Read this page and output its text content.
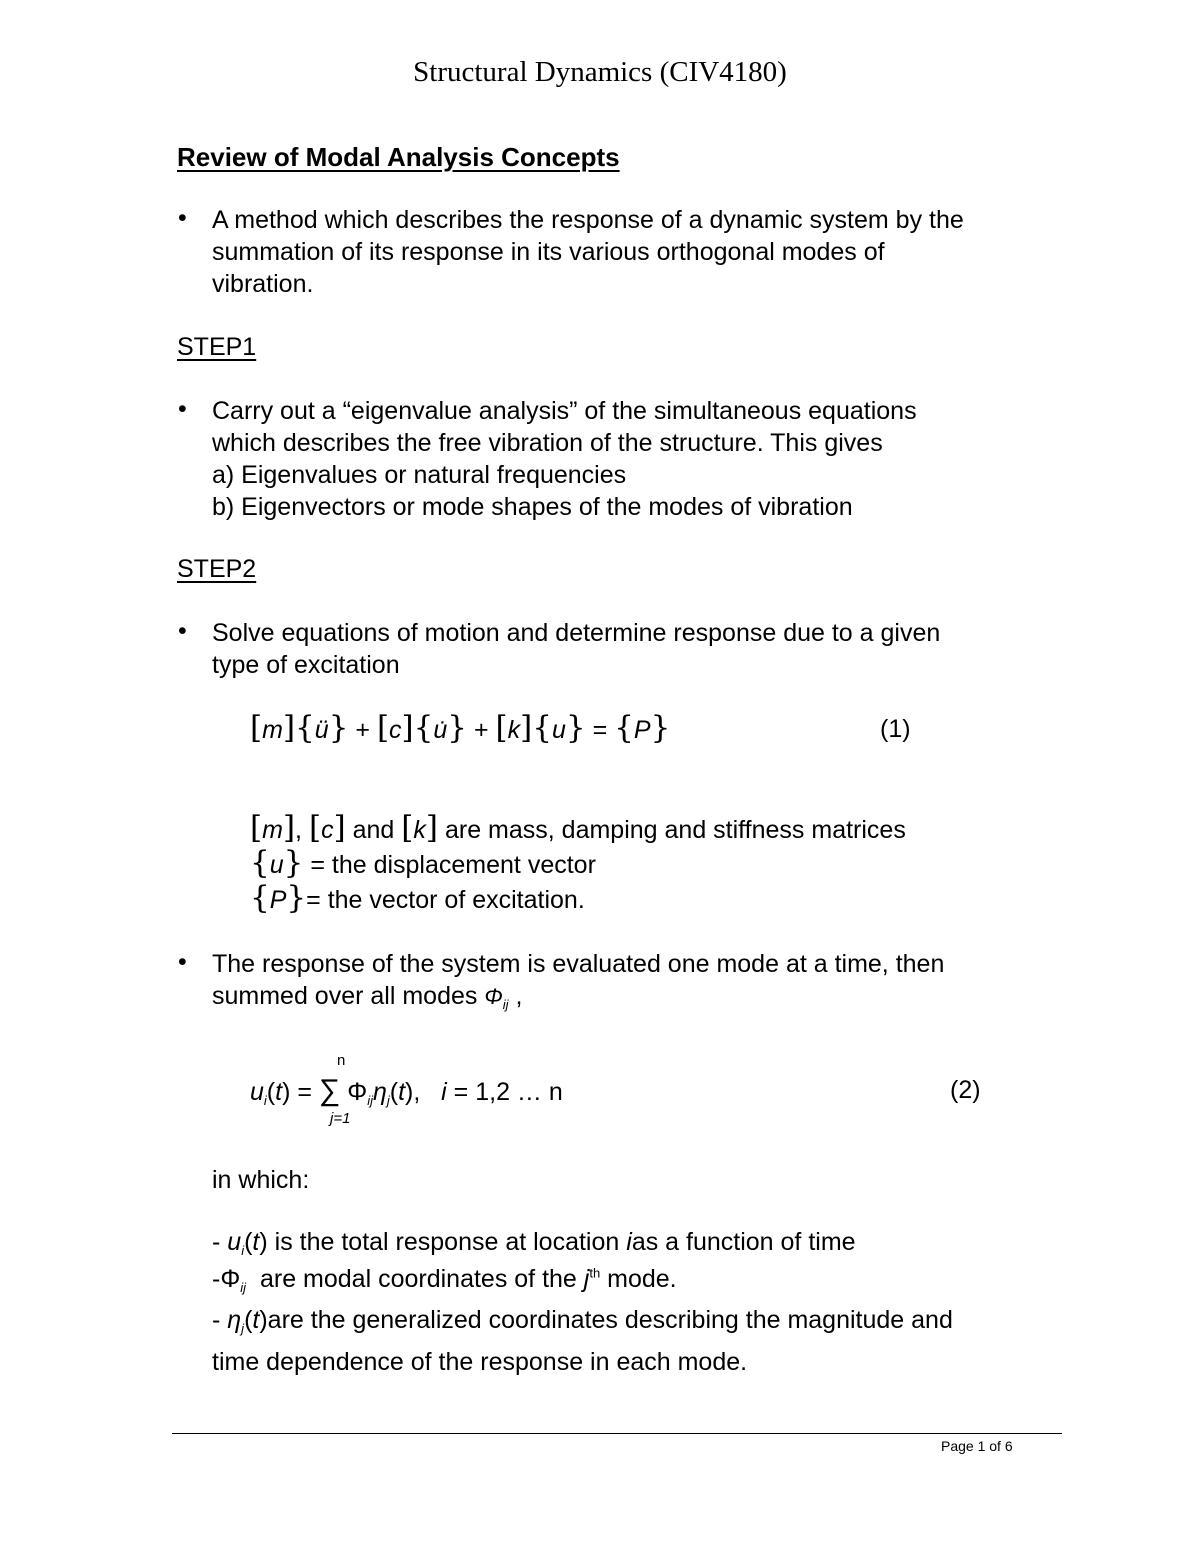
Structural Dynamics (CIV4180)
Review of Modal Analysis Concepts
• A method which describes the response of a dynamic system by the
summation of its response in its various orthogonal modes of
vibration.
STEP1
• Carry out a “eigenvalue analysis” of the simultaneous equations
which describes the free vibration of the structure. This gives
a) Eigenvalues or natural frequencies
b) Eigenvectors or mode shapes of the modes of vibration
STEP2
• Solve equations of motion and determine response due to a given
type of excitation
[m]{ü} + [c]{u̇} + [k]{u} = {P}	(1)
[m], [c] and [k] are mass, damping and stiffness matrices
{u} = the displacement vector
{P}= the vector of excitation.
• The response of the system is evaluated one mode at a time, then
summed over all modes $\Phi_{ij}$ ,
n
$u_i(t)$ = ∑ $\Phi_{ij}\eta_j(t)$,   i = 1,2 … n
j=1
(2)
in which:
- $u_i(t)$ is the total response at location ias a function of time
$-\Phi_{ij}$ are modal coordinates of the $j^{th}$ mode.
- $\eta_j(t)are$ the generalized coordinates describing the magnitude and
time dependence of the response in each mode.
Page 1 of 6
